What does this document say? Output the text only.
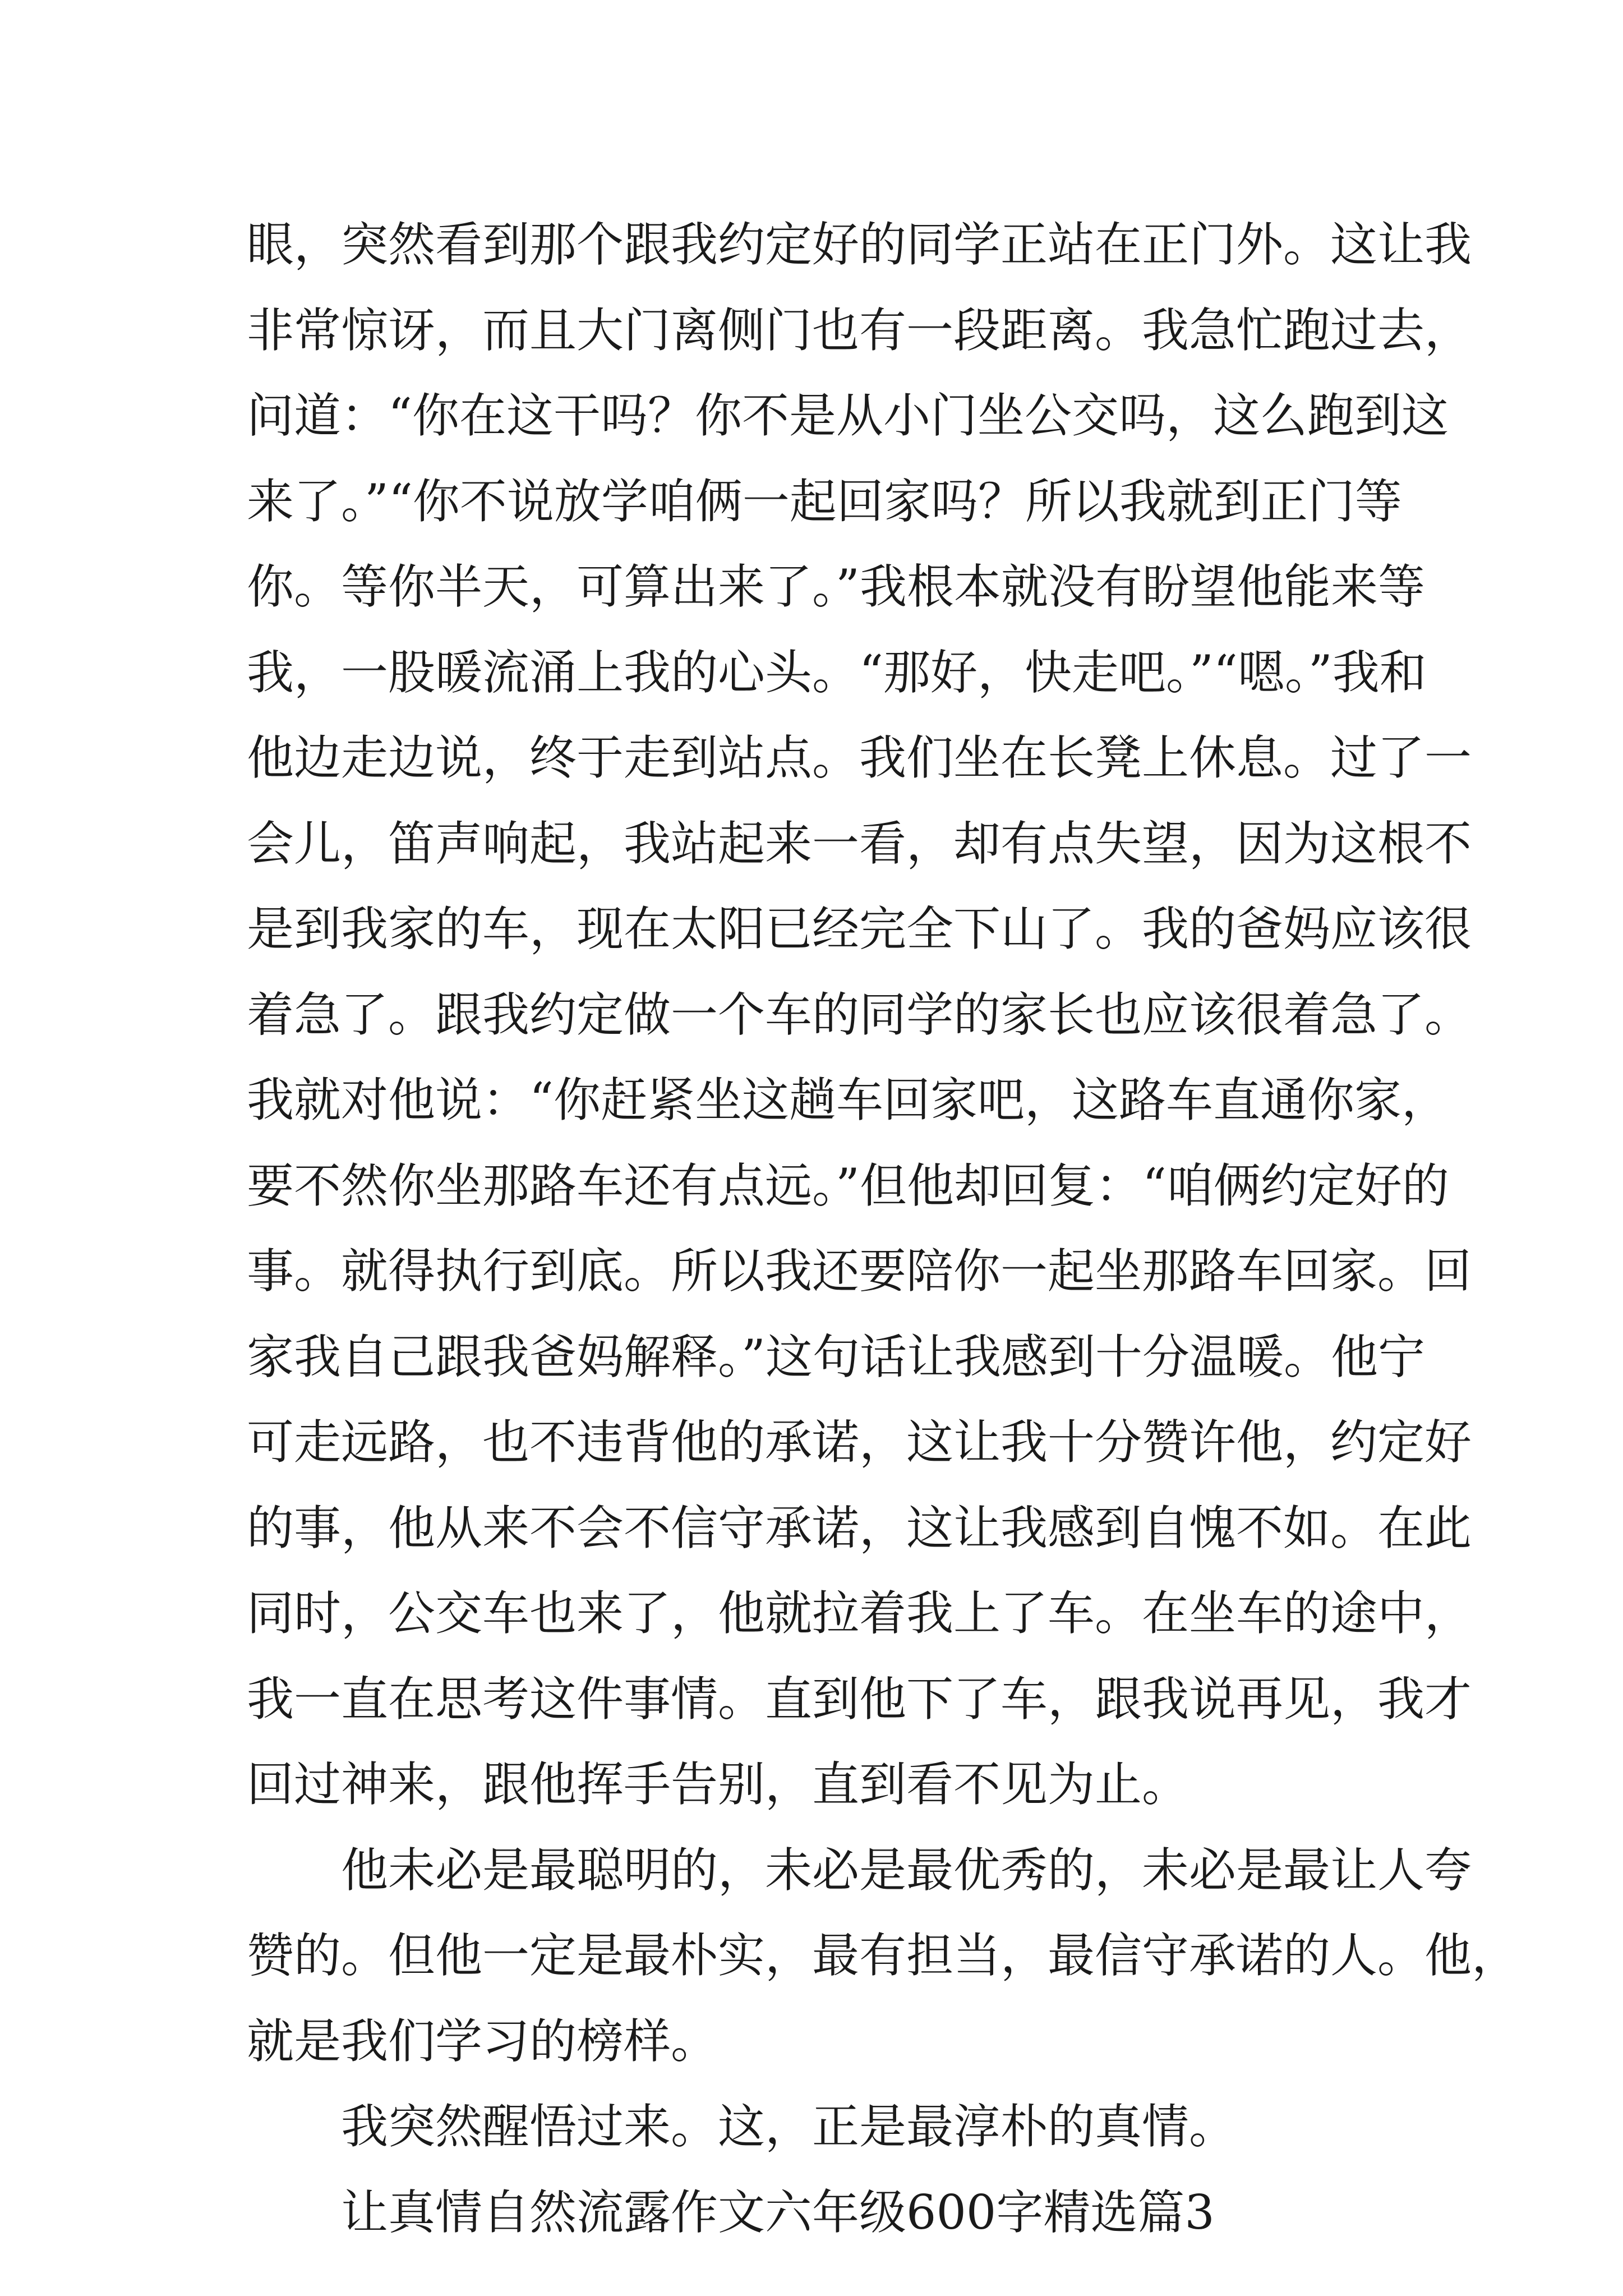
眼，突然看到那个跟我约定好的同学正站在正门外。这让我
非常惊讶，而且大门离侧门也有一段距离。我急忙跑过去，
问道：“你在这干吗？你不是从小门坐公交吗，这么跑到这
来了。”“你不说放学咱俩一起回家吗？所以我就到正门等
你。等你半天，可算出来了。”我根本就没有盼望他能来等
我，一股暖流涌上我的心头。“那好，快走吧。”“嗯。”我和
他边走边说，终于走到站点。我们坐在长凳上休息。过了一
会儿，笛声响起，我站起来一看，却有点失望，因为这根不
是到我家的车，现在太阳已经完全下山了。我的爸妈应该很
着急了。跟我约定做一个车的同学的家长也应该很着急了。
我就对他说：“你赶紧坐这趟车回家吧，这路车直通你家，
要不然你坐那路车还有点远。”但他却回复：“咱俩约定好的
事。就得执行到底。所以我还要陪你一起坐那路车回家。回
家我自己跟我爸妈解释。”这句话让我感到十分温暖。他宁
可走远路，也不违背他的承诺，这让我十分赞许他，约定好
的事，他从来不会不信守承诺，这让我感到自愧不如。在此
同时，公交车也来了，他就拉着我上了车。在坐车的途中，
我一直在思考这件事情。直到他下了车，跟我说再见，我才
回过神来，跟他挥手告别，直到看不见为止。
他未必是最聪明的，未必是最优秀的，未必是最让人夸
赞的。但他一定是最朴实，最有担当，最信守承诺的人。他，
就是我们学习的榜样。
我突然醒悟过来。这，正是最淳朴的真情。
让真情自然流露作文六年级600字精选篇3
